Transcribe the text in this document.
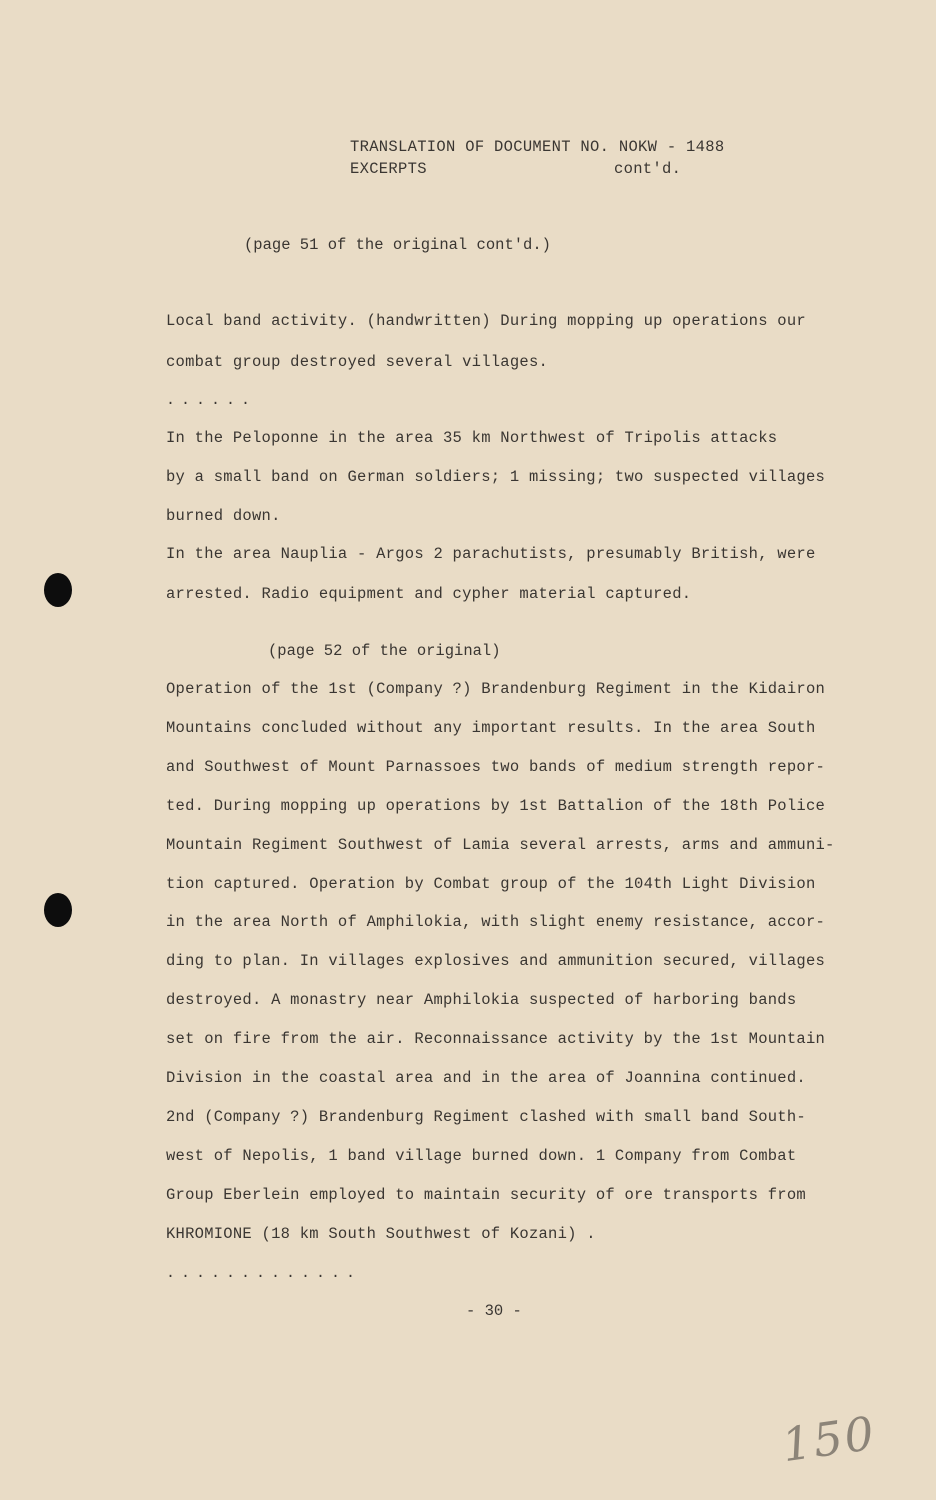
TRANSLATION OF DOCUMENT NO. NOKW - 1488
EXCERPTS	cont'd.
(page 51 of the original cont'd.)
Local band activity. (handwritten) During mopping up operations our
combat group destroyed several villages.
......
In the Peloponne in the area 35 km Northwest of Tripolis attacks
by a small band on German soldiers; 1 missing; two suspected villages
burned down.
In the area Nauplia - Argos 2 parachutists, presumably British, were
arrested. Radio equipment and cypher material captured.
(page 52 of the original)
Operation of the 1st (Company ?) Brandenburg Regiment in the Kidairon
Mountains concluded without any important results. In the area South
and Southwest of Mount Parnassoes two bands of medium strength repor-
ted. During mopping up operations by 1st Battalion of the 18th Police
Mountain Regiment Southwest of Lamia several arrests, arms and ammuni-
tion captured. Operation by Combat group of the 104th Light Division
in the area North of Amphilokia, with slight enemy resistance, accor-
ding to plan. In villages explosives and ammunition secured, villages
destroyed. A monastry near Amphilokia suspected of harboring bands
set on fire from the air. Reconnaissance activity by the 1st Mountain
Division in the coastal area and in the area of Joannina continued.
2nd (Company ?) Brandenburg Regiment clashed with small band South-
west of Nepolis, 1 band village burned down. 1 Company from Combat
Group Eberlein employed to maintain security of ore transports from
KHROMIONE (18 km South Southwest of Kozani) .
.............
- 30 -
150
